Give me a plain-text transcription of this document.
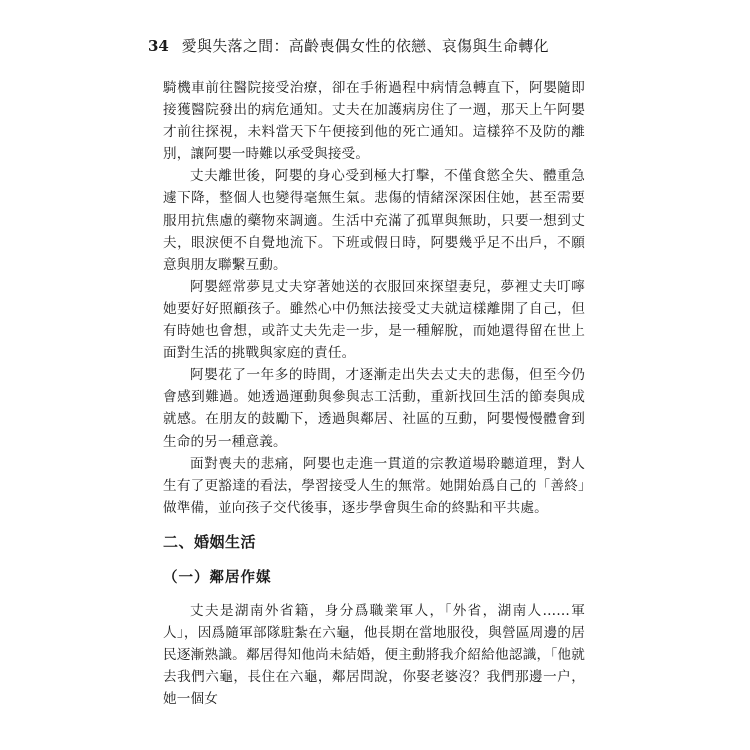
34 愛與失落之間：高齡喪偶女性的依戀、哀傷與生命轉化

騎機車前往醫院接受治療，卻在手術過程中病情急轉直下，阿嬰隨即接獲醫院發出的病危通知。丈夫在加護病房住了一週，那天上午阿嬰才前往探視，未料當天下午便接到他的死亡通知。這樣猝不及防的離別，讓阿嬰一時難以承受與接受。

丈夫離世後，阿嬰的身心受到極大打擊，不僅食慾全失、體重急遽下降，整個人也變得毫無生氣。悲傷的情緒深深困住她，甚至需要服用抗焦慮的藥物來調適。生活中充滿了孤單與無助，只要一想到丈夫，眼淚便不自覺地流下。下班或假日時，阿嬰幾乎足不出戶，不願意與朋友聯繫互動。

阿嬰經常夢見丈夫穿著她送的衣服回來探望妻兒，夢裡丈夫叮嚀她要好好照顧孩子。雖然心中仍無法接受丈夫就這樣離開了自己，但有時她也會想，或許丈夫先走一步，是一種解脫，而她還得留在世上面對生活的挑戰與家庭的責任。

阿嬰花了一年多的時間，才逐漸走出失去丈夫的悲傷，但至今仍會感到難過。她透過運動與參與志工活動，重新找回生活的節奏與成就感。在朋友的鼓勵下，透過與鄰居、社區的互動，阿嬰慢慢體會到生命的另一種意義。

面對喪夫的悲痛，阿嬰也走進一貫道的宗教道場聆聽道理，對人生有了更豁達的看法，學習接受人生的無常。她開始爲自己的「善終」做準備，並向孩子交代後事，逐步學會與生命的終點和平共處。

二、婚姻生活
（一）鄰居作媒

丈夫是湖南外省籍，身分爲職業軍人，「外省，湖南人……軍人」，因爲隨軍部隊駐紮在六龜，他長期在當地服役，與營區周邊的居民逐漸熟識。鄰居得知他尚未結婚，便主動將我介紹給他認識，「他就去我們六龜，長住在六龜，鄰居問說，你娶老婆沒？我們那邊一户，她一個女
